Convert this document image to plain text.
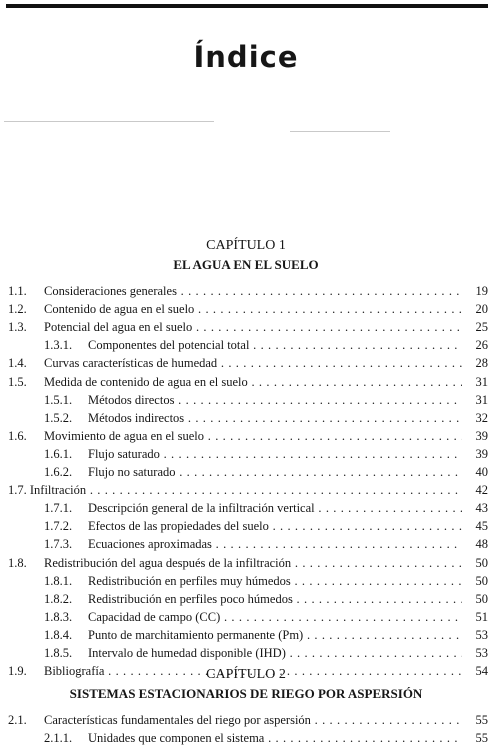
Índice
CAPÍTULO 1
EL AGUA EN EL SUELO
1.1. Consideraciones generales . . .	19
1.2. Contenido de agua en el suelo . . .	20
1.3. Potencial del agua en el suelo . . .	25
1.3.1. Componentes del potencial total . . .	26
1.4. Curvas características de humedad . . .	28
1.5. Medida de contenido de agua en el suelo . . .	31
1.5.1. Métodos directos . . .	31
1.5.2. Métodos indirectos . . .	32
1.6. Movimiento de agua en el suelo . . .	39
1.6.1. Flujo saturado . . .	39
1.6.2. Flujo no saturado . . .	40
1.7. Infiltración . . .	42
1.7.1. Descripción general de la infiltración vertical . . .	43
1.7.2. Efectos de las propiedades del suelo . . .	45
1.7.3. Ecuaciones aproximadas . . .	48
1.8. Redistribución del agua después de la infiltración . . .	50
1.8.1. Redistribución en perfiles muy húmedos . . .	50
1.8.2. Redistribución en perfiles poco húmedos . . .	50
1.8.3. Capacidad de campo (CC) . . .	51
1.8.4. Punto de marchitamiento permanente (Pm) . . .	53
1.8.5. Intervalo de humedad disponible (IHD) . . .	53
1.9. Bibliografía . . .	54
CAPÍTULO 2
SISTEMAS ESTACIONARIOS DE RIEGO POR ASPERSIÓN
2.1. Características fundamentales del riego por aspersión . . .	55
2.1.1. Unidades que componen el sistema . . .	55
